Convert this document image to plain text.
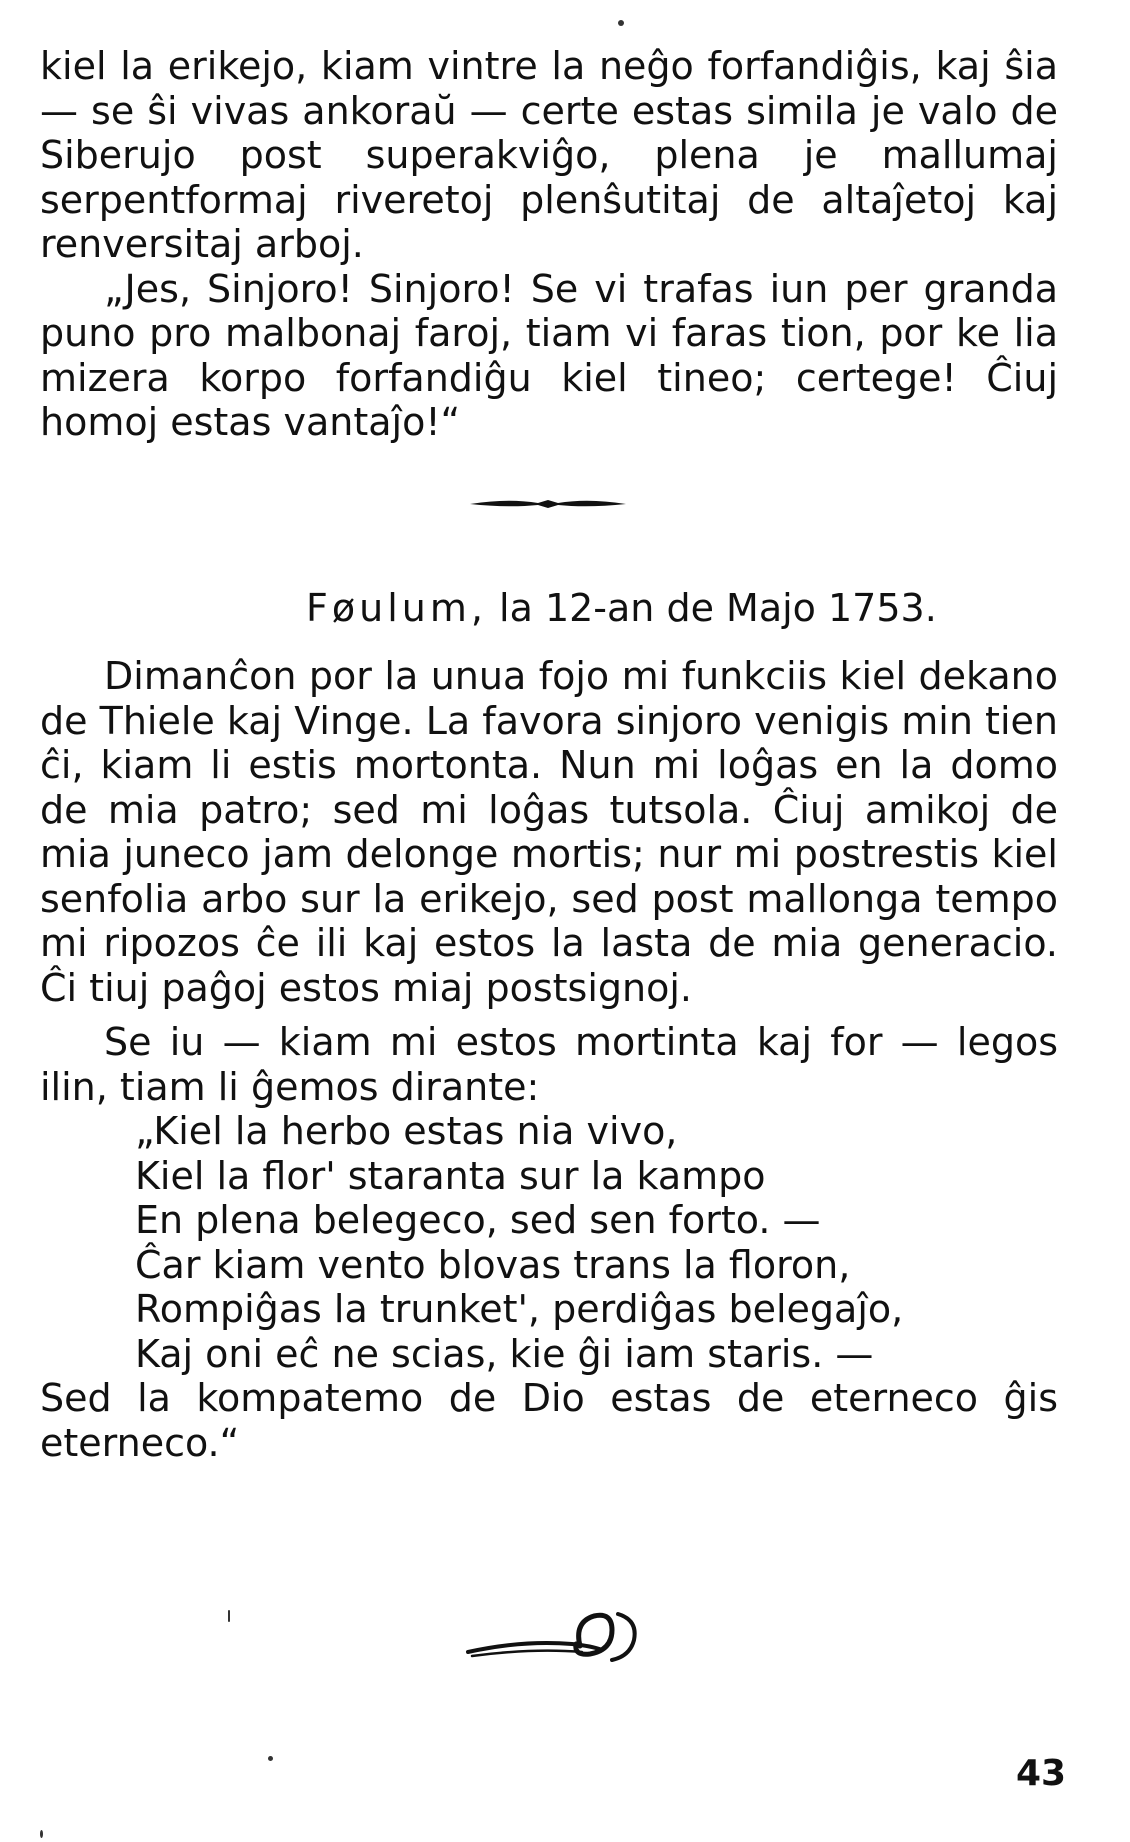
kiel la erikejo, kiam vintre la neĝo forfandiĝis, kaj ŝia — se ŝi vivas ankoraŭ — certe estas simila je valo de Siberujo post superakviĝo, plena je mallumaj serpentformaj riveretoj plenŝutitaj de altaĵetoj kaj renversitaj arboj.

„Jes, Sinjoro! Sinjoro! Se vi trafas iun per granda puno pro malbonaj faroj, tiam vi faras tion, por ke lia mizera korpo forfandiĝu kiel tineo; certege! Ĉiuj homoj estas vantaĵo!“

Føulum, la 12-an de Majo 1753.

Dimanĉon por la unua fojo mi funkciis kiel dekano de Thiele kaj Vinge. La favora sinjoro venigis min tien ĉi, kiam li estis mortonta. Nun mi loĝas en la domo de mia patro; sed mi loĝas tutsola. Ĉiuj amikoj de mia juneco jam delonge mortis; nur mi postrestis kiel senfolia arbo sur la erikejo, sed post mallonga tempo mi ripozos ĉe ili kaj estos la lasta de mia generacio. Ĉi tiuj paĝoj estos miaj postsignoj.

Se iu — kiam mi estos mortinta kaj for — legos ilin, tiam li ĝemos dirante:

„Kiel la herbo estas nia vivo,
Kiel la flor' staranta sur la kampo
En plena belegeco, sed sen forto. —
Ĉar kiam vento blovas trans la floron,
Rompiĝas la trunket', perdiĝas belegaĵo,
Kaj oni eĉ ne scias, kie ĝi iam staris. —

Sed la kompatemo de Dio estas de eterneco ĝis eterneco.“

43
